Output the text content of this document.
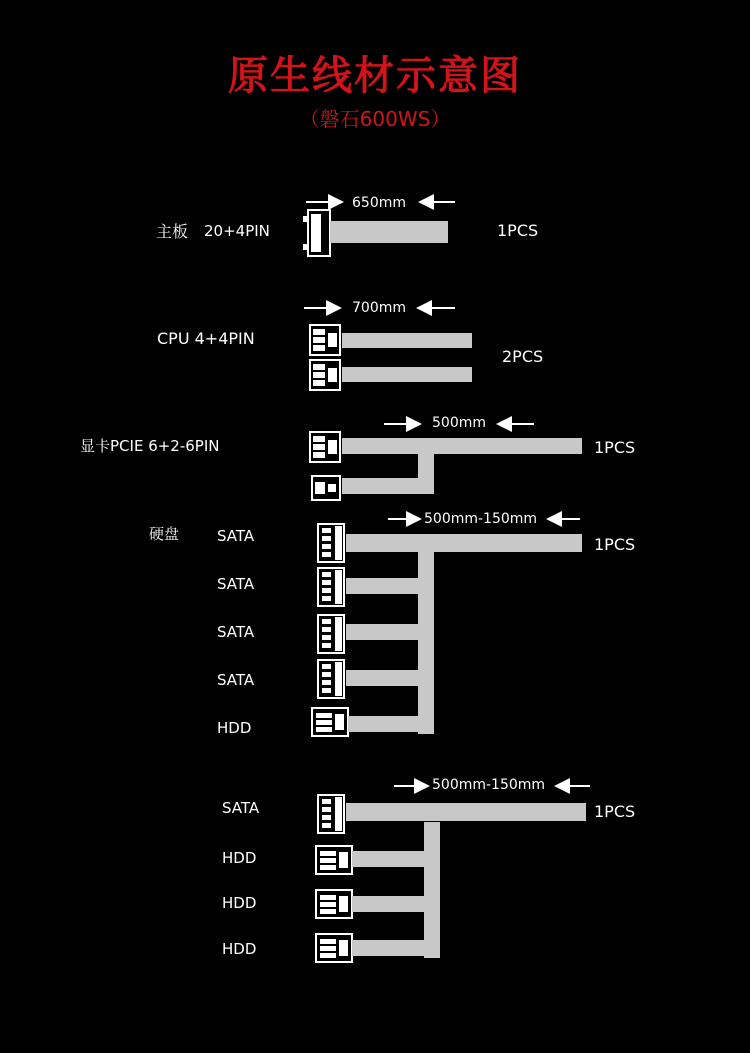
原生线材示意图
（磐石600WS）
主板 20+4PIN
650mm
1PCS
CPU 4+4PIN
700mm
2PCS
显卡PCIE 6+2-6PIN
500mm
1PCS
硬盘	SATA
SATA
SATA
SATA
HDD
500mm-150mm
1PCS
SATA
HDD
HDD
HDD
500mm-150mm
1PCS
